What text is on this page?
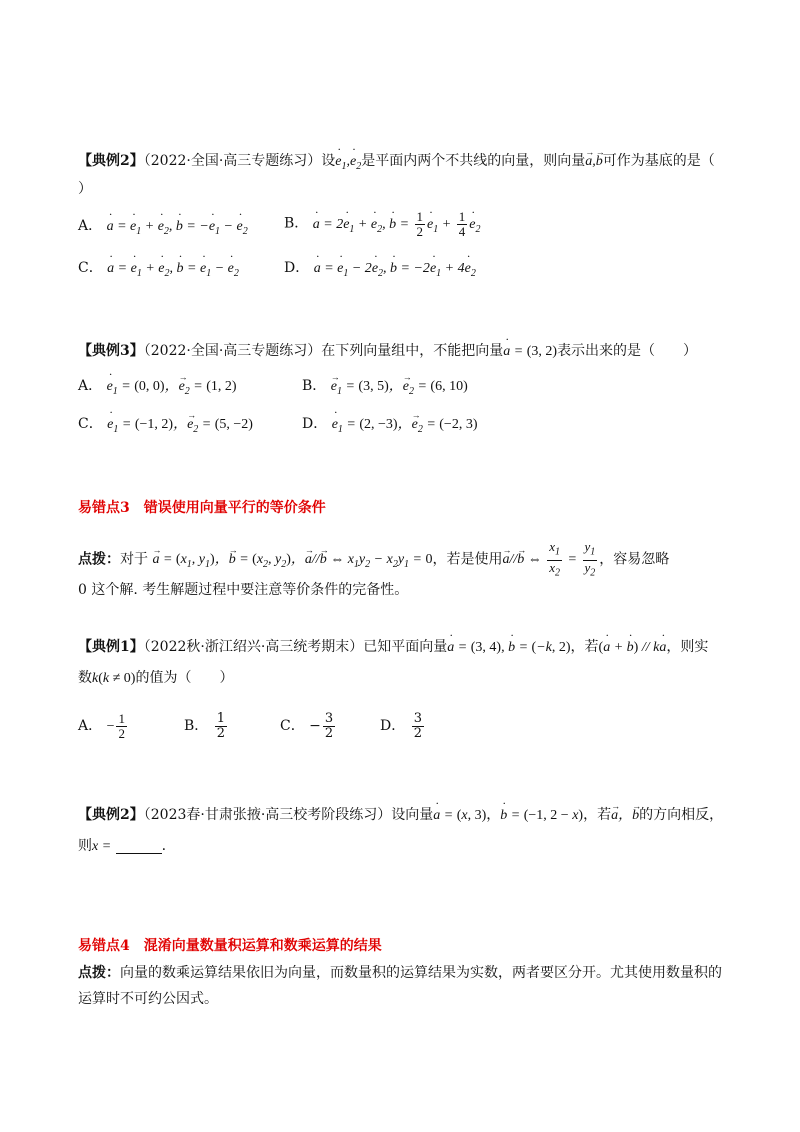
【典例2】（2022·全国·高三专题练习）设· $e_1,\cdot e_2$是平面内两个不共线的向量，则向量→ a,→ b可作为基底的是（
）
A． · a = · $e_1$ + · $e_2$, · b = −· $e_1$ − · $e_2$	B． · $a = 2\cdot e_1$ + · $e_2$, · $b = \frac{1}{2}$
· $e_1 + \frac{1}{4}$
· $e_2$
C． · a = · $e_1$ + · $e_2$, · b = · $e_1$ − · $e_2$	D． · a = · $e_1 - 2\cdot e_2$, · $b = -2\cdot e_1 + 4\cdot e_2$
【典例3】（2022·全国·高三专题练习）在下列向量组中，不能把向量· a = (3, 2)表示出来的是（　　）
A． · $e_1 = (0$, 0)，→ $e_2 = (1$, 2)	B． → $e_1 = (3$, 5)，→ $e_2 = (6$, 10)
C． · $e_1 = (-1$, 2)，→ $e_2 = (5$, −2)	D． · $e_1 = (2$, −3)，→ $e_2 = (-2$, 3)
易错点3　错误使用向量平行的等价条件
点拨：对于 → $a = (x_1$, $y_1$)，→ $b = (x_2$, $y_2$)，→ a//→ b ⇔ $x_1y_2 - x_2y_1 = 0$，若是使用→ a//→ b ⇔ $\frac{x_1}{x_2} = \frac{y_1}{y_2}$ ，容易忽略
0 这个解. 考生解题过程中要注意等价条件的完备性。
【典例1】（2022秋·浙江绍兴·高三统考期末）已知平面向量· a = (3, 4), · b = (−k, 2)，若(· a + · b) // k· a，则实
数k(k ≠ 0)的值为（　　）
A． − $\frac{1}{2}$	B． $\frac{1}{2}$	C． − $\frac{3}{2}$	D． $\frac{3}{2}$
【典例2】（2023春·甘肃张掖·高三校考阶段练习）设向量· a = (x, 3)，· b = (−1, 2 − x)，若→ a，→ b的方向相反，
则x =	.
易错点4　混淆向量数量积运算和数乘运算的结果
点拨：向量的数乘运算结果依旧为向量，而数量积的运算结果为实数，两者要区分开。尤其使用数量积的运算时不可约公因式。
